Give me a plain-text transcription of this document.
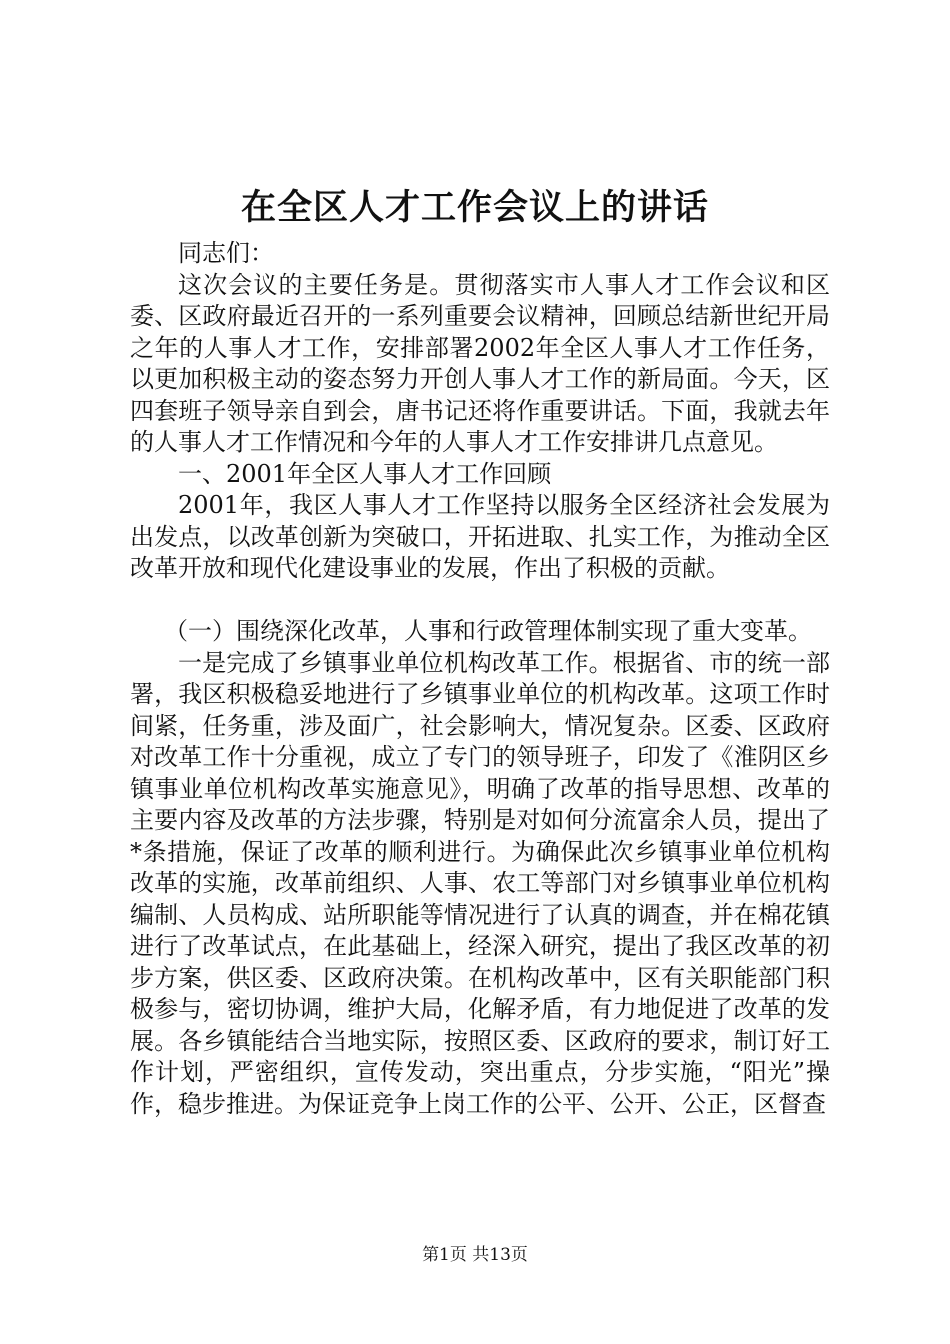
在全区人才工作会议上的讲话

同志们：

这次会议的主要任务是。贯彻落实市人事人才工作会议和区委、区政府最近召开的一系列重要会议精神，回顾总结新世纪开局之年的人事人才工作，安排部署2002年全区人事人才工作任务，以更加积极主动的姿态努力开创人事人才工作的新局面。今天，区四套班子领导亲自到会，唐书记还将作重要讲话。下面，我就去年的人事人才工作情况和今年的人事人才工作安排讲几点意见。

一、2001年全区人事人才工作回顾

2001年，我区人事人才工作坚持以服务全区经济社会发展为出发点，以改革创新为突破口，开拓进取、扎实工作，为推动全区改革开放和现代化建设事业的发展，作出了积极的贡献。

（一）围绕深化改革，人事和行政管理体制实现了重大变革。

一是完成了乡镇事业单位机构改革工作。根据省、市的统一部署，我区积极稳妥地进行了乡镇事业单位的机构改革。这项工作时间紧，任务重，涉及面广，社会影响大，情况复杂。区委、区政府对改革工作十分重视，成立了专门的领导班子，印发了《淮阴区乡镇事业单位机构改革实施意见》，明确了改革的指导思想、改革的主要内容及改革的方法步骤，特别是对如何分流富余人员，提出了*条措施，保证了改革的顺利进行。为确保此次乡镇事业单位机构改革的实施，改革前组织、人事、农工等部门对乡镇事业单位机构编制、人员构成、站所职能等情况进行了认真的调查，并在棉花镇进行了改革试点，在此基础上，经深入研究，提出了我区改革的初步方案，供区委、区政府决策。在机构改革中，区有关职能部门积极参与，密切协调，维护大局，化解矛盾，有力地促进了改革的发展。各乡镇能结合当地实际，按照区委、区政府的要求，制订好工作计划，严密组织，宣传发动，突出重点，分步实施，“阳光”操作，稳步推进。为保证竞争上岗工作的公平、公开、公正，区督查

第1页 共13页
